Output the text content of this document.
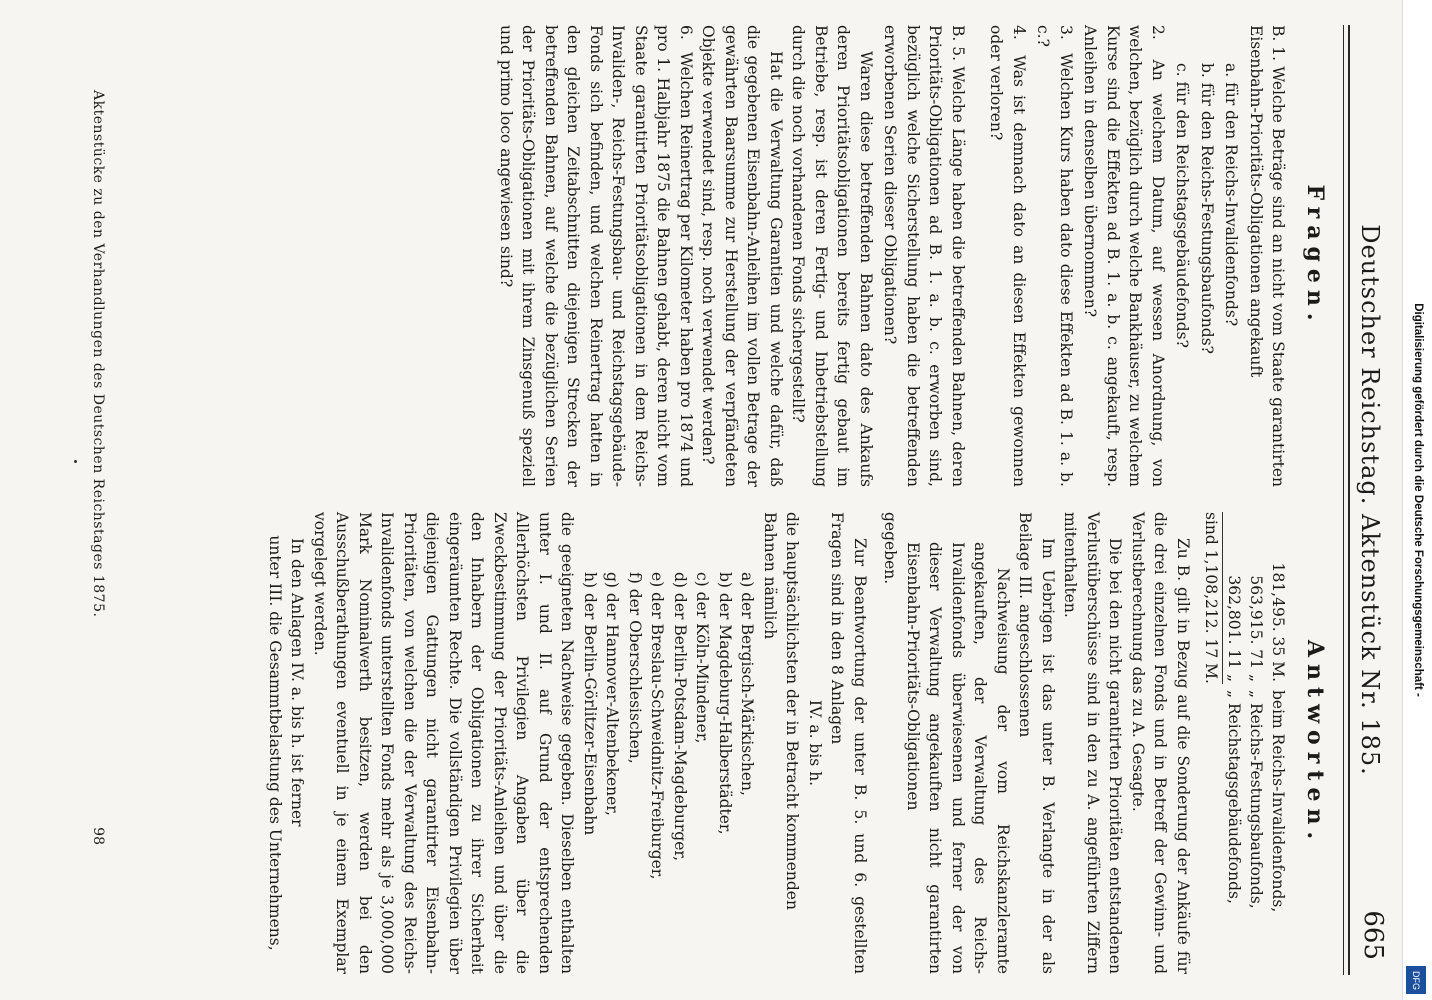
Deutscher Reichstag. Aktenstück Nr. 185.
665
Fragen.

B. 1. Welche Beträge sind an nicht vom Staate garantirten Eisenbahn-Prioritäts-Obligationen angekauft

a. für den Reichs-Invalidenfonds?

b. für den Reichs-Festungsbaufonds?

c. für den Reichstagsgebäudefonds?

2. An welchem Datum, auf wessen Anordnung, von welchen, bezüglich durch welche Bankhäuser, zu welchem Kurse sind die Effekten ad B. 1. a. b. c. angekauft, resp. Anleihen in denselben übernommen?

3. Welchen Kurs haben dato diese Effekten ad B. 1. a. b. c.?

4. Was ist demnach dato an diesen Effekten gewonnen oder verloren?

B. 5. Welche Länge haben die betreffenden Bahnen, deren Prioritäts-Obligationen ad B. 1. a. b. c. erworben sind, bezüglich welche Sicherstellung haben die betreffenden erworbenen Serien dieser Obligationen?

Waren diese betreffenden Bahnen dato des Ankaufs deren Prioritätsobligationen bereits fertig gebaut im Betriebe, resp. ist deren Fertig- und Inbetriebstellung durch die noch vorhandenen Fonds sichergestellt?

Hat die Verwaltung Garantien und welche dafür, daß die gegebenen Eisenbahn-Anleihen im vollen Betrage der gewährten Baarsumme zur Herstellung der verpfändeten Objekte verwendet sind, resp. noch verwendet werden?

6. Welchen Reinertrag per Kilometer haben pro 1874 und pro 1. Halbjahr 1875 die Bahnen gehabt, deren nicht vom Staate garantirten Prioritätsobligationen in dem Reichs-Invaliden-, Reichs-Festungsbau- und Reichstagsgebäude-Fonds sich befinden, und welchen Reinertrag hatten in den gleichen Zeitabschnitten diejenigen Strecken der betreffenden Bahnen, auf welche die bezüglichen Serien der Prioritäts-Obligationen mit ihrem Zinsgenuß speziell und primo loco angewiesen sind?

Antworten.
181,495. 35 M.
beim Reichs-Invalidenfonds,
563,915. 71 „
„ Reichs-Festungsbaufonds,
362,801. 11 „
„ Reichstagsgebäudefonds,
sind 1,108,212. 17 M.

Zu B. gilt in Bezug auf die Sonderung der Ankäufe für die drei einzelnen Fonds und in Betreff der Gewinn- und Verlustberechnung das zu A. Gesagte.

Die bei den nicht garantirten Prioritäten entstandenen Verlustüberschüsse sind in den zu A. angeführten Ziffern mitenthalten.

Im Uebrigen ist das unter B. Verlangte in der als Beilage III. angeschlossenen

Nachweisung der vom Reichskanzleramte angekauften, der Verwaltung des Reichs-Invalidenfonds überwiesenen und ferner der von dieser Verwaltung angekauften nicht garantirten Eisenbahn-Prioritäts-Obligationen

gegeben.

Zur Beantwortung der unter B. 5. und 6. gestellten Fragen sind in den 8 Anlagen

IV. a. bis h.

die hauptsächlichsten der in Betracht kommenden Bahnen nämlich

a) der Bergisch-Märkischen,

b) der Magdeburg-Halberstädter,

c) der Köln-Mindener,

d) der Berlin-Potsdam-Magdeburger,

e) der Breslau-Schweidnitz-Freiburger,

f) der Oberschlesischen,

g) der Hannover-Altenbekener,

h) der Berlin-Görlitzer-Eisenbahn

die geeigneten Nachweise gegeben. Dieselben enthalten unter I. und II. auf Grund der entsprechenden Allerhöchsten Privilegien Angaben über die Zweckbestimmung der Prioritäts-Anleihen und über die den Inhabern der Obligationen zu ihrer Sicherheit eingeräumten Rechte. Die vollständigen Privilegien über diejenigen Gattungen nicht garantirter Eisenbahn-Prioritäten, von welchen die der Verwaltung des Reichs-Invalidenfonds unterstellten Fonds mehr als je 3,000,000 Mark Nominalwerth besitzen, werden bei den Ausschußberathungen eventuell in je einem Exemplar vorgelegt werden.

In den Anlagen IV. a. bis h. ist ferner

unter III. die Gesammtbelastung des Unternehmens,

Aktenstücke zu den Verhandlungen des Deutschen Reichstages 1875.
98
Digitalisierung gefördert durch die Deutsche Forschungsgemeinschaft -
DFG
